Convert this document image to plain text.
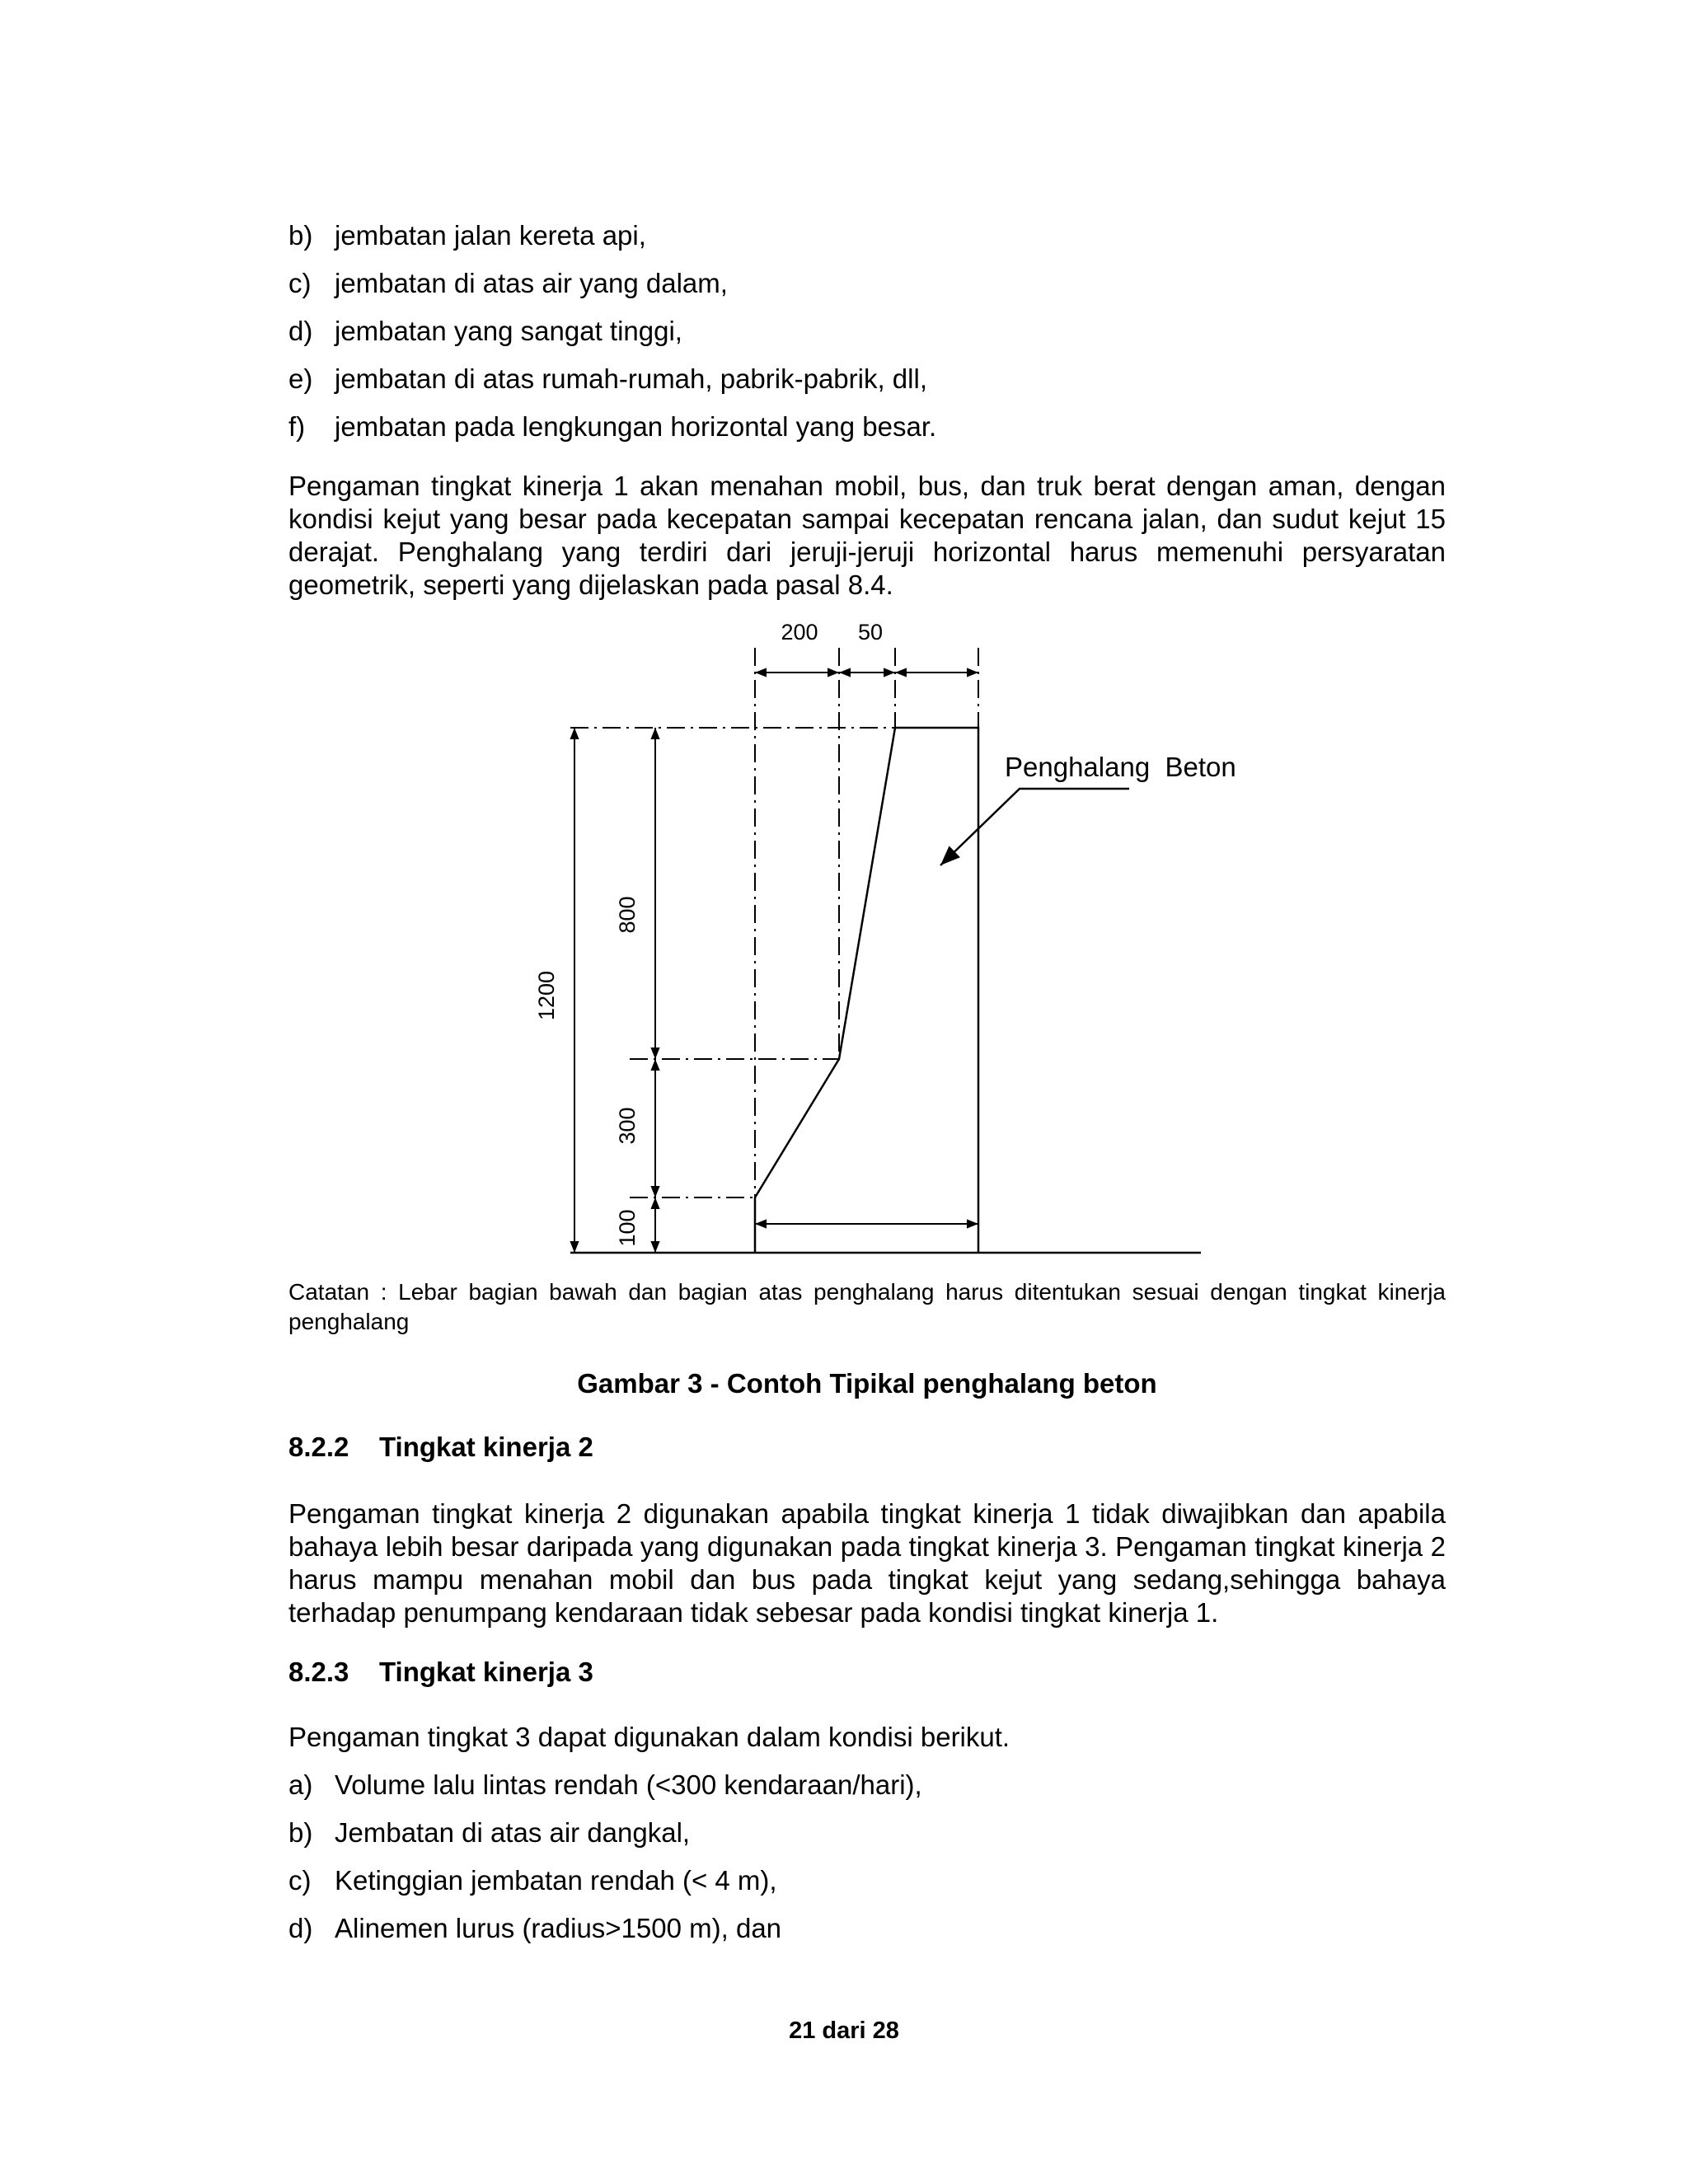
b) jembatan jalan kereta api,
c) jembatan di atas air yang dalam,
d) jembatan yang sangat tinggi,
e) jembatan di atas rumah-rumah, pabrik-pabrik, dll,
f)	jembatan pada lengkungan horizontal yang besar.

Pengaman tingkat kinerja 1 akan menahan mobil, bus, dan truk berat dengan aman, dengan kondisi kejut yang besar pada kecepatan sampai kecepatan rencana jalan, dan sudut kejut 15 derajat. Penghalang yang terdiri dari jeruji-jeruji horizontal harus memenuhi persyaratan geometrik, seperti yang dijelaskan pada pasal 8.4.

200 50
1200
800
300
100
Penghalang  Beton

Catatan : Lebar bagian bawah dan bagian atas penghalang harus ditentukan sesuai dengan tingkat kinerja penghalang

Gambar 3 - Contoh Tipikal penghalang beton

8.2.2 Tingkat kinerja 2

Pengaman tingkat kinerja 2 digunakan apabila tingkat kinerja 1 tidak diwajibkan dan apabila bahaya lebih besar daripada yang digunakan pada tingkat kinerja 3. Pengaman tingkat kinerja 2 harus mampu menahan mobil dan bus pada tingkat kejut yang sedang,sehingga bahaya terhadap penumpang kendaraan tidak sebesar pada kondisi tingkat kinerja 1.

8.2.3 Tingkat kinerja 3

Pengaman tingkat 3 dapat digunakan dalam kondisi berikut.

a) Volume lalu lintas rendah (<300 kendaraan/hari),
b) Jembatan di atas air dangkal,
c) Ketinggian jembatan rendah (< 4 m),
d) Alinemen lurus (radius>1500 m), dan

21 dari 28
